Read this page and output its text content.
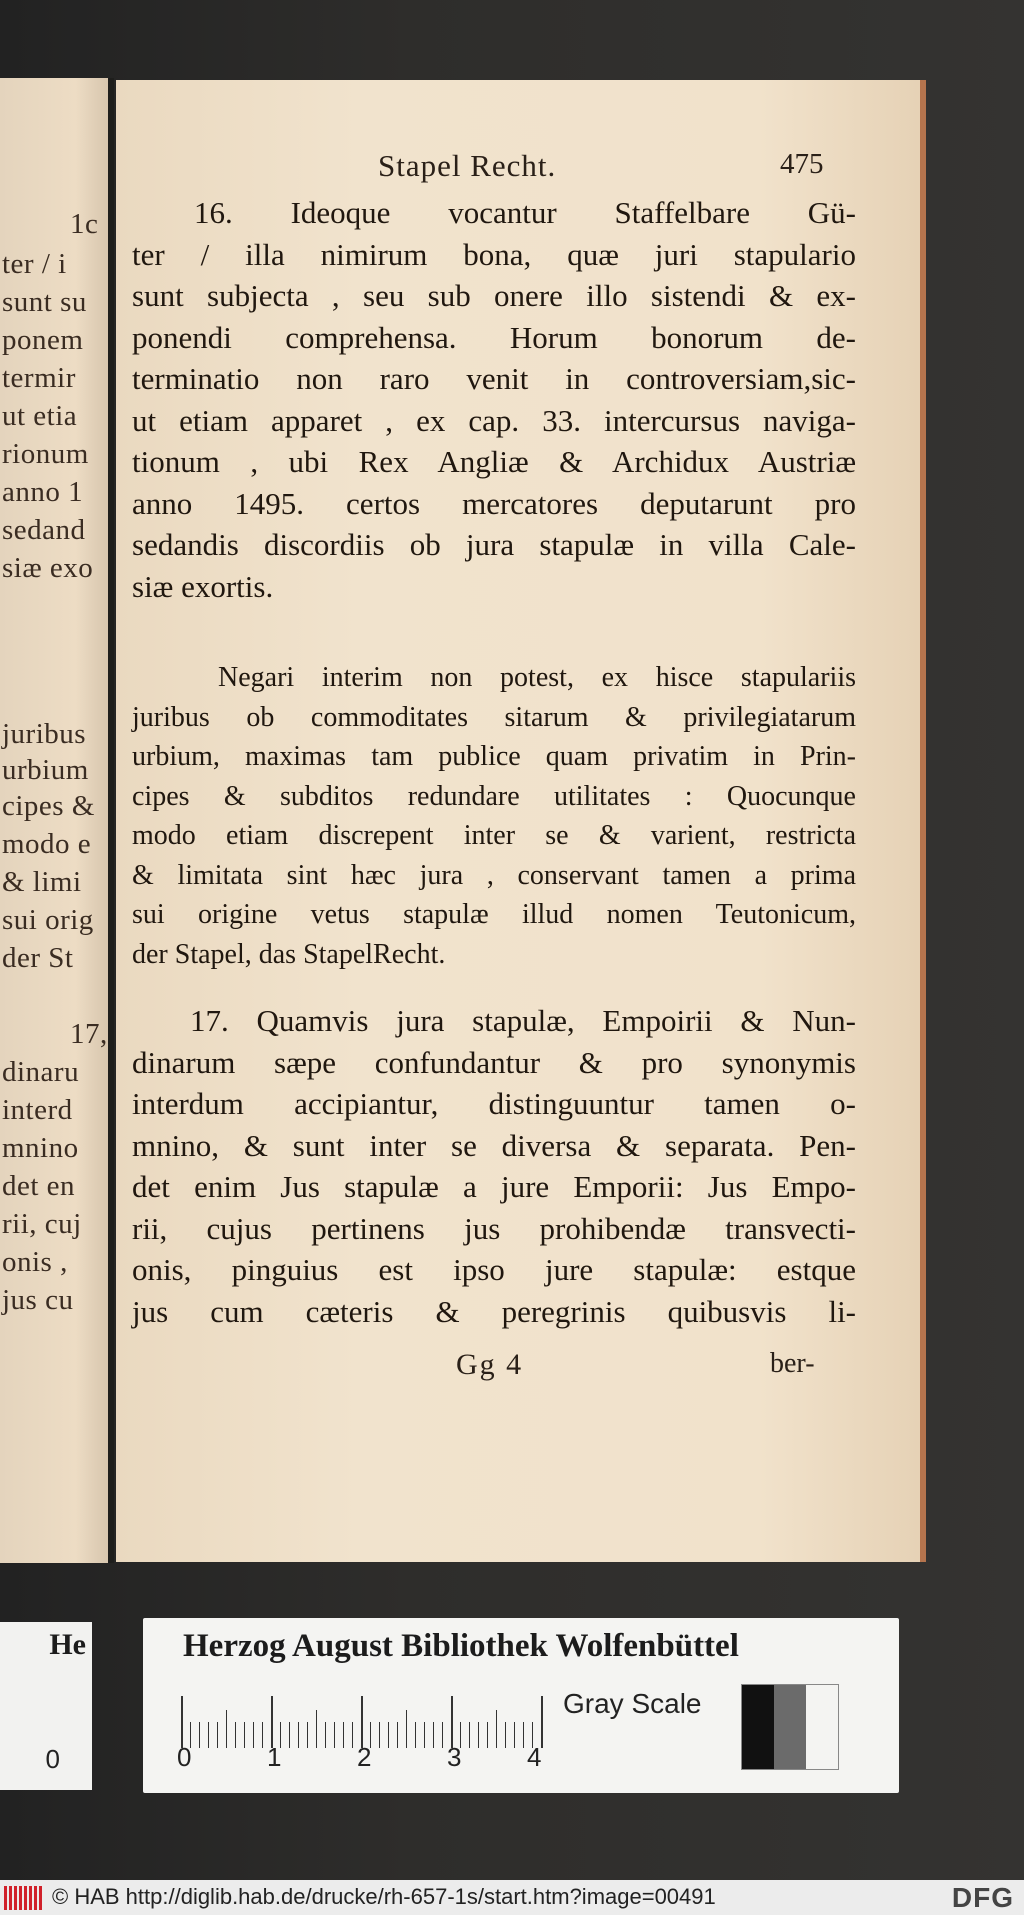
1c
ter / i
sunt su
ponem
termir
ut etia
rionum
anno 1
sedand
siæ exo
juribus
urbium
cipes &
modo e
& limi
sui orig
der St
17,
dinaru
interd
mnino
det en
rii, cuj
onis ,
jus cu
Stapel Recht.	475
16. Ideoque vocantur Staffelbare Gü-
ter / illa nimirum bona, quæ juri stapulario
sunt subjecta , seu sub onere illo sistendi & ex-
ponendi comprehensa. Horum bonorum de-
terminatio non raro venit in controversiam,sic-
ut etiam apparet , ex cap. 33. intercursus naviga-
tionum , ubi Rex Angliæ & Archidux Austriæ
anno 1495. certos mercatores deputarunt pro
sedandis discordiis ob jura stapulæ in villa Cale-
siæ exortis.
Negari interim non potest, ex hisce stapulariis
juribus ob commoditates sitarum & privilegiatarum
urbium, maximas tam publice quam privatim in Prin-
cipes & subditos redundare utilitates : Quocunque
modo etiam discrepent inter se & varient, restricta
& limitata sint hæc jura , conservant tamen a prima
sui origine vetus stapulæ illud nomen Teutonicum,
der Stapel, das StapelRecht.
17. Quamvis jura stapulæ, Empoirii & Nun-
dinarum sæpe confundantur & pro synonymis
interdum accipiantur, distinguuntur tamen o-
mnino, & sunt inter se diversa & separata. Pen-
det enim Jus stapulæ a jure Emporii: Jus Empo-
rii, cujus pertinens jus prohibendæ transvecti-
onis, pinguius est ipso jure stapulæ: estque
jus cum cæteris & peregrinis quibusvis li-
Gg 4	ber-
He
0
Herzog August Bibliothek Wolfenbüttel
0	1	2	3	4
Gray Scale
© HAB http://diglib.hab.de/drucke/rh-657-1s/start.htm?image=00491	DFG
